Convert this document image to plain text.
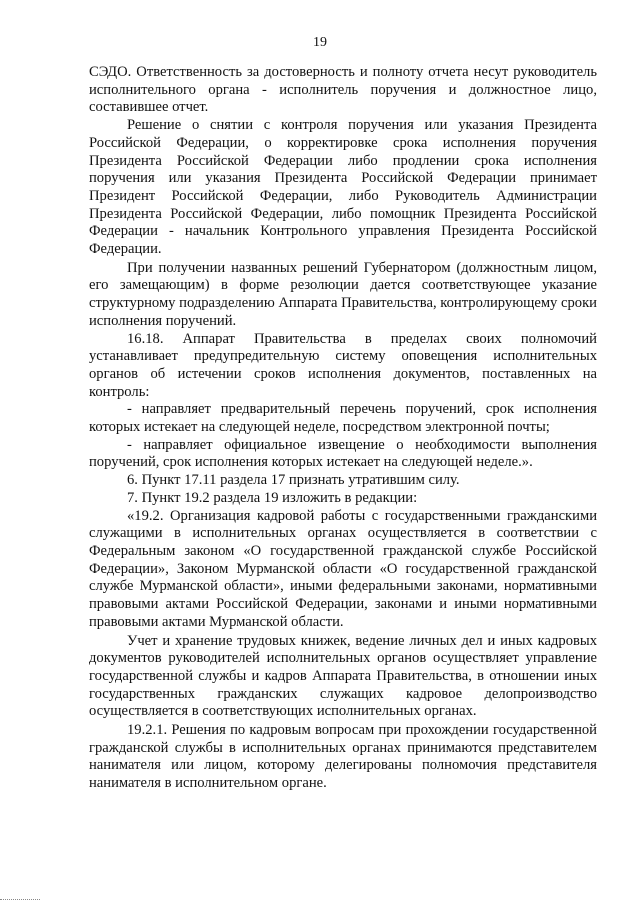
19

СЭДО. Ответственность за достоверность и полноту отчета несут руководитель исполнительного органа - исполнитель поручения и должностное лицо, составившее отчет.

Решение о снятии с контроля поручения или указания Президента Российской Федерации, о корректировке срока исполнения поручения Президента Российской Федерации либо продлении срока исполнения поручения или указания Президента Российской Федерации принимает Президент Российской Федерации, либо Руководитель Администрации Президента Российской Федерации, либо помощник Президента Российской Федерации - начальник Контрольного управления Президента Российской Федерации.

При получении названных решений Губернатором (должностным лицом, его замещающим) в форме резолюции дается соответствующее указание структурному подразделению Аппарата Правительства, контролирующему сроки исполнения поручений.

16.18. Аппарат Правительства в пределах своих полномочий устанавливает предупредительную систему оповещения исполнительных органов об истечении сроков исполнения документов, поставленных на контроль:

- направляет предварительный перечень поручений, срок исполнения которых истекает на следующей неделе, посредством электронной почты;

- направляет официальное извещение о необходимости выполнения поручений, срок исполнения которых истекает на следующей неделе.».

6. Пункт 17.11 раздела 17 признать утратившим силу.

7. Пункт 19.2 раздела 19 изложить в редакции:

«19.2. Организация кадровой работы с государственными гражданскими служащими в исполнительных органах осуществляется в соответствии с Федеральным законом «О государственной гражданской службе Российской Федерации», Законом Мурманской области «О государственной гражданской службе Мурманской области», иными федеральными законами, нормативными правовыми актами Российской Федерации, законами и иными нормативными правовыми актами Мурманской области.

Учет и хранение трудовых книжек, ведение личных дел и иных кадровых документов руководителей исполнительных органов осуществляет управление государственной службы и кадров Аппарата Правительства, в отношении иных государственных гражданских служащих кадровое делопроизводство осуществляется в соответствующих исполнительных органах.

19.2.1. Решения по кадровым вопросам при прохождении государственной гражданской службы в исполнительных органах принимаются представителем нанимателя или лицом, которому делегированы полномочия представителя нанимателя в исполнительном органе.
